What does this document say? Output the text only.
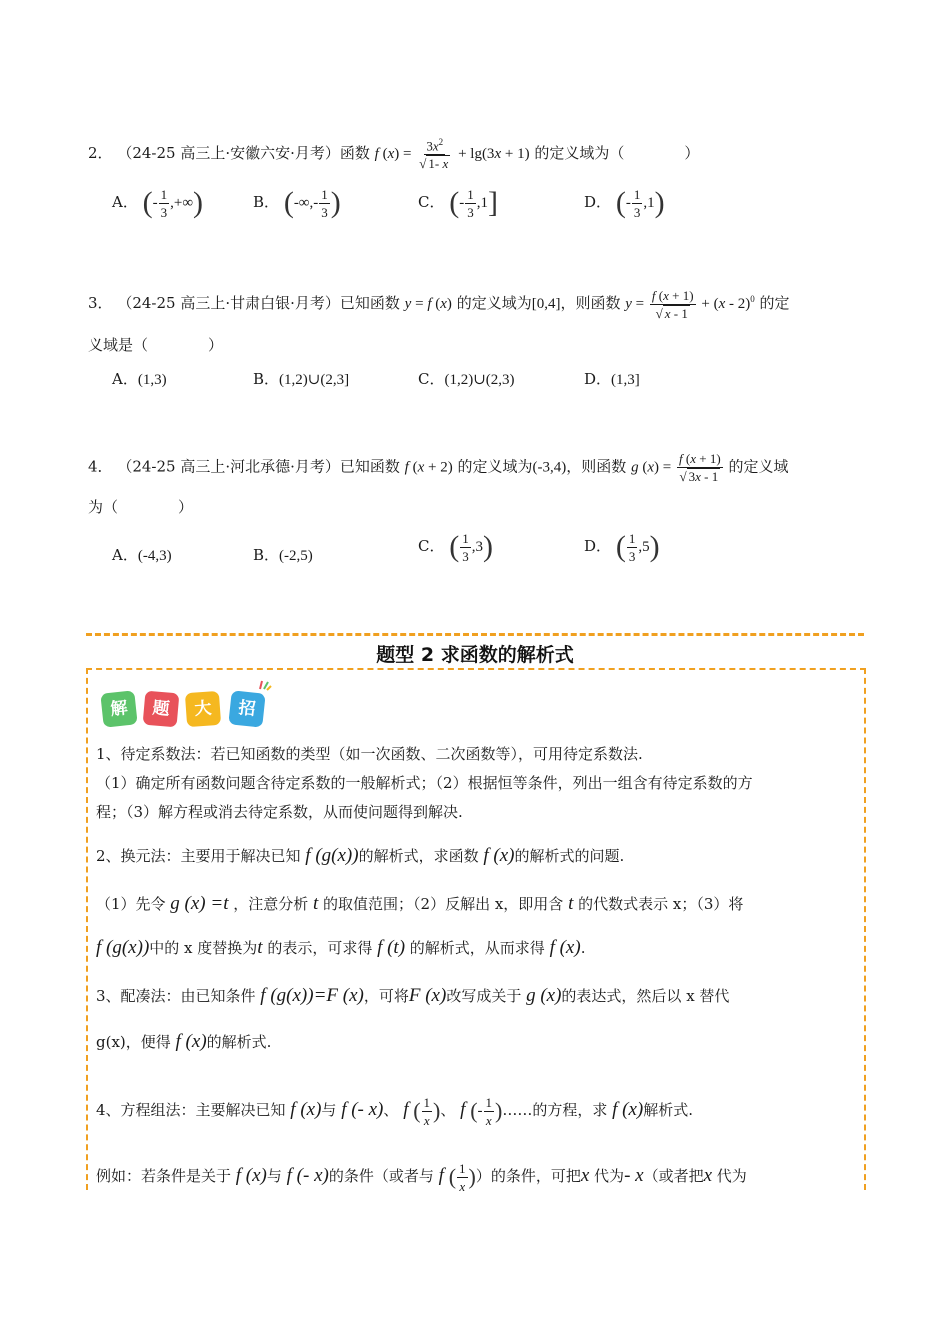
2． （24-25 高三上·安徽六安·月考）函数 f $(x) = \frac{3x^2}{√ 1- x} + \lg(3x + 1)$ 的定义域为（　　　　）
A． (- $\frac{1}{3}$ ,+∞)	B． (-∞,- $\frac{1}{3}$ )	C． (- $\frac{1}{3} ,1$]	D． (- $\frac{1}{3} ,1$)
3． （24-25 高三上·甘肃白银·月考）已知函数 y = f (x) 的定义域为[0,4]，则函数 $y = \frac{f (x + 1)}{√ x - 1} + (x - 2)^0$ 的定
义域是（　　　　）
A．(1,3)	B．(1,2)∪(2,3]	C．(1,2)∪(2,3)	D．(1,3]
4． （24-25 高三上·河北承德·月考）已知函数 f (x + 2) 的定义域为(-3,4)，则函数 g $(x) = \frac{f (x + 1)}{√ 3x - 1}$ 的定义域
为（　　　　）
A．(-4,3)	B．(-2,5)
C． ( $\frac{1}{3} ,3$)	D． ( $\frac{1}{3} ,5$)
题型 2 求函数的解析式
解	题	大	招
1、待定系数法：若已知函数的类型（如一次函数、二次函数等），可用待定系数法.
（1）确定所有函数问题含待定系数的一般解析式；（2）根据恒等条件，列出一组含有待定系数的方
程；（3）解方程或消去待定系数，从而使问题得到解决.
2、换元法：主要用于解决已知 f (g(x))的解析式，求函数 f (x)的解析式的问题.
（1）先令 g (x) =t ，注意分析 t 的取值范围；（2）反解出 x，即用含 t 的代数式表示 x；（3）将
f (g(x))中的 x 度替换为t 的表示，可求得 f (t) 的解析式，从而求得 f (x).
3、配凑法：由已知条件 f (g(x))=F (x)，可将F (x)改写成关于 g (x)的表达式，然后以 x 替代
g(x)，便得 f (x)的解析式.
4、方程组法：主要解决已知 f (x)与 f (- x)、 f ( $\frac{1}{x}$ )、 f (- $\frac{1}{x}$ )……的方程，求 f (x)解析式.
例如：若条件是关于 f (x)与 f (- x)的条件（或者与 f ( $\frac{1}{x}$ )）的条件，可把x 代为- x（或者把x 代为
